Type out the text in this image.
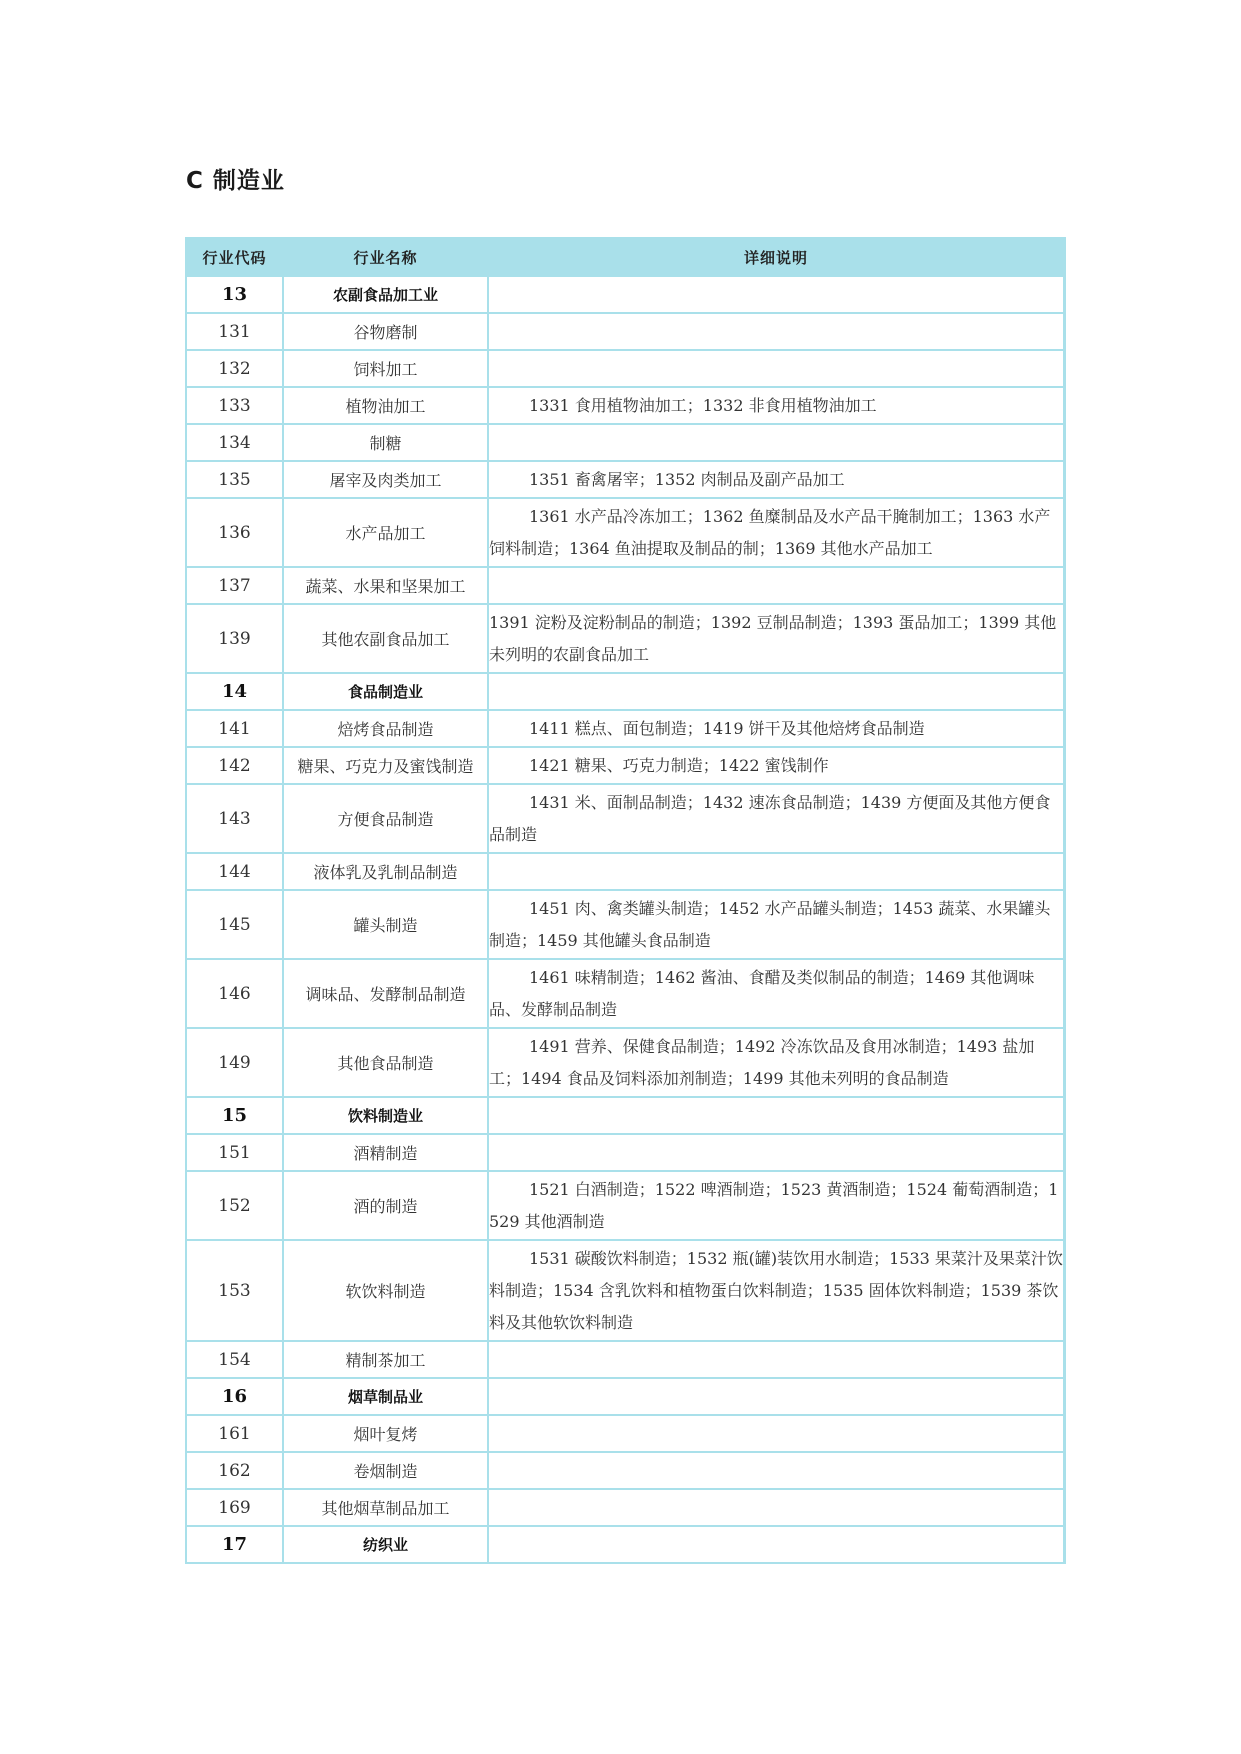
C 制造业
行业代码	行业名称	详细说明
13	农副食品加工业	

131	谷物磨制	

132	饲料加工	

133	植物油加工	1331 食用植物油加工；1332 非食用植物油加工

134	制糖	

135	屠宰及肉类加工	1351 畜禽屠宰；1352 肉制品及副产品加工

136	水产品加工	1361 水产品冷冻加工；1362 鱼糜制品及水产品干腌制加工；1363 水产饲料制造；1364 鱼油提取及制品的制；1369 其他水产品加工

137	蔬菜、水果和坚果加工	

139	其他农副食品加工	1391 淀粉及淀粉制品的制造；1392 豆制品制造；1393 蛋品加工；1399 其他未列明的农副食品加工

14	食品制造业	

141	焙烤食品制造	1411 糕点、面包制造；1419 饼干及其他焙烤食品制造

142	糖果、巧克力及蜜饯制造	1421 糖果、巧克力制造；1422 蜜饯制作

143	方便食品制造	1431 米、面制品制造；1432 速冻食品制造；1439 方便面及其他方便食品制造

144	液体乳及乳制品制造	

145	罐头制造	1451 肉、禽类罐头制造；1452 水产品罐头制造；1453 蔬菜、水果罐头制造；1459 其他罐头食品制造

146	调味品、发酵制品制造	1461 味精制造；1462 酱油、食醋及类似制品的制造；1469 其他调味品、发酵制品制造

149	其他食品制造	1491 营养、保健食品制造；1492 冷冻饮品及食用冰制造；1493 盐加工；1494 食品及饲料添加剂制造；1499 其他未列明的食品制造

15	饮料制造业	

151	酒精制造	

152	酒的制造	1521 白酒制造；1522 啤酒制造；1523 黄酒制造；1524 葡萄酒制造；1529 其他酒制造

153	软饮料制造	1531 碳酸饮料制造；1532 瓶(罐)装饮用水制造；1533 果菜汁及果菜汁饮料制造；1534 含乳饮料和植物蛋白饮料制造；1535 固体饮料制造；1539 茶饮料及其他软饮料制造

154	精制茶加工	

16	烟草制品业	

161	烟叶复烤	

162	卷烟制造	

169	其他烟草制品加工	

17	纺织业	
